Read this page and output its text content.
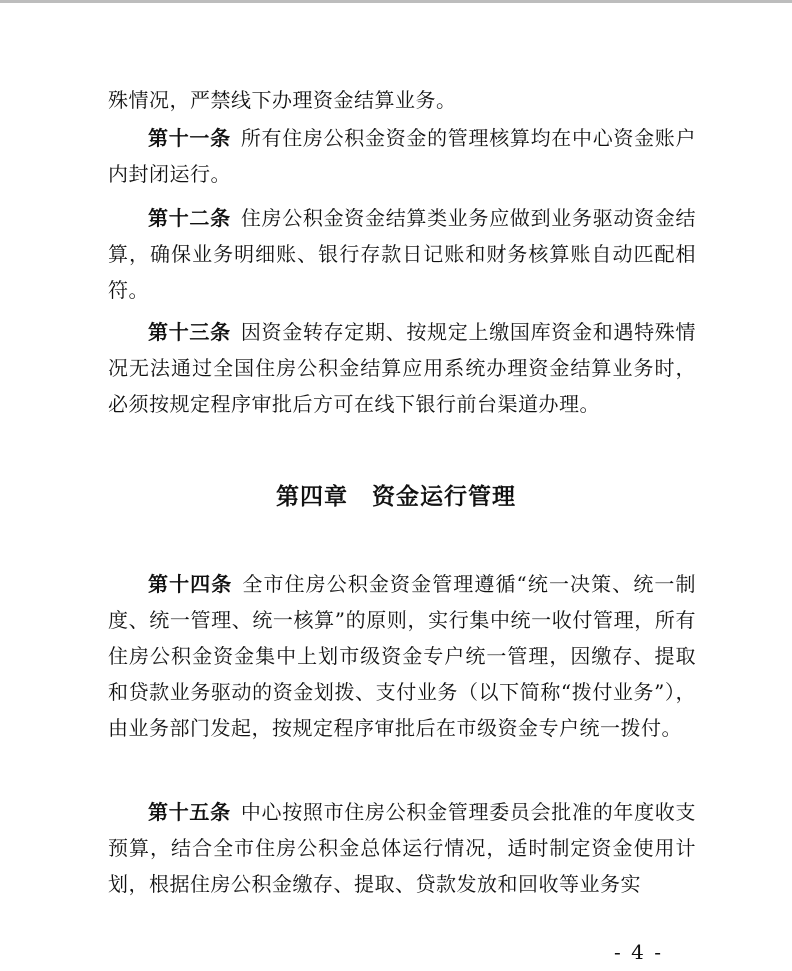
殊情况，严禁线下办理资金结算业务。

第十一条 所有住房公积金资金的管理核算均在中心资金账户内封闭运行。

第十二条 住房公积金资金结算类业务应做到业务驱动资金结算，确保业务明细账、银行存款日记账和财务核算账自动匹配相符。

第十三条 因资金转存定期、按规定上缴国库资金和遇特殊情况无法通过全国住房公积金结算应用系统办理资金结算业务时，必须按规定程序审批后方可在线下银行前台渠道办理。

第四章　资金运行管理

第十四条 全市住房公积金资金管理遵循“统一决策、统一制度、统一管理、统一核算”的原则，实行集中统一收付管理，所有住房公积金资金集中上划市级资金专户统一管理，因缴存、提取和贷款业务驱动的资金划拨、支付业务（以下简称“拨付业务”），由业务部门发起，按规定程序审批后在市级资金专户统一拨付。

第十五条 中心按照市住房公积金管理委员会批准的年度收支预算，结合全市住房公积金总体运行情况，适时制定资金使用计划，根据住房公积金缴存、提取、贷款发放和回收等业务实

- 4 -
